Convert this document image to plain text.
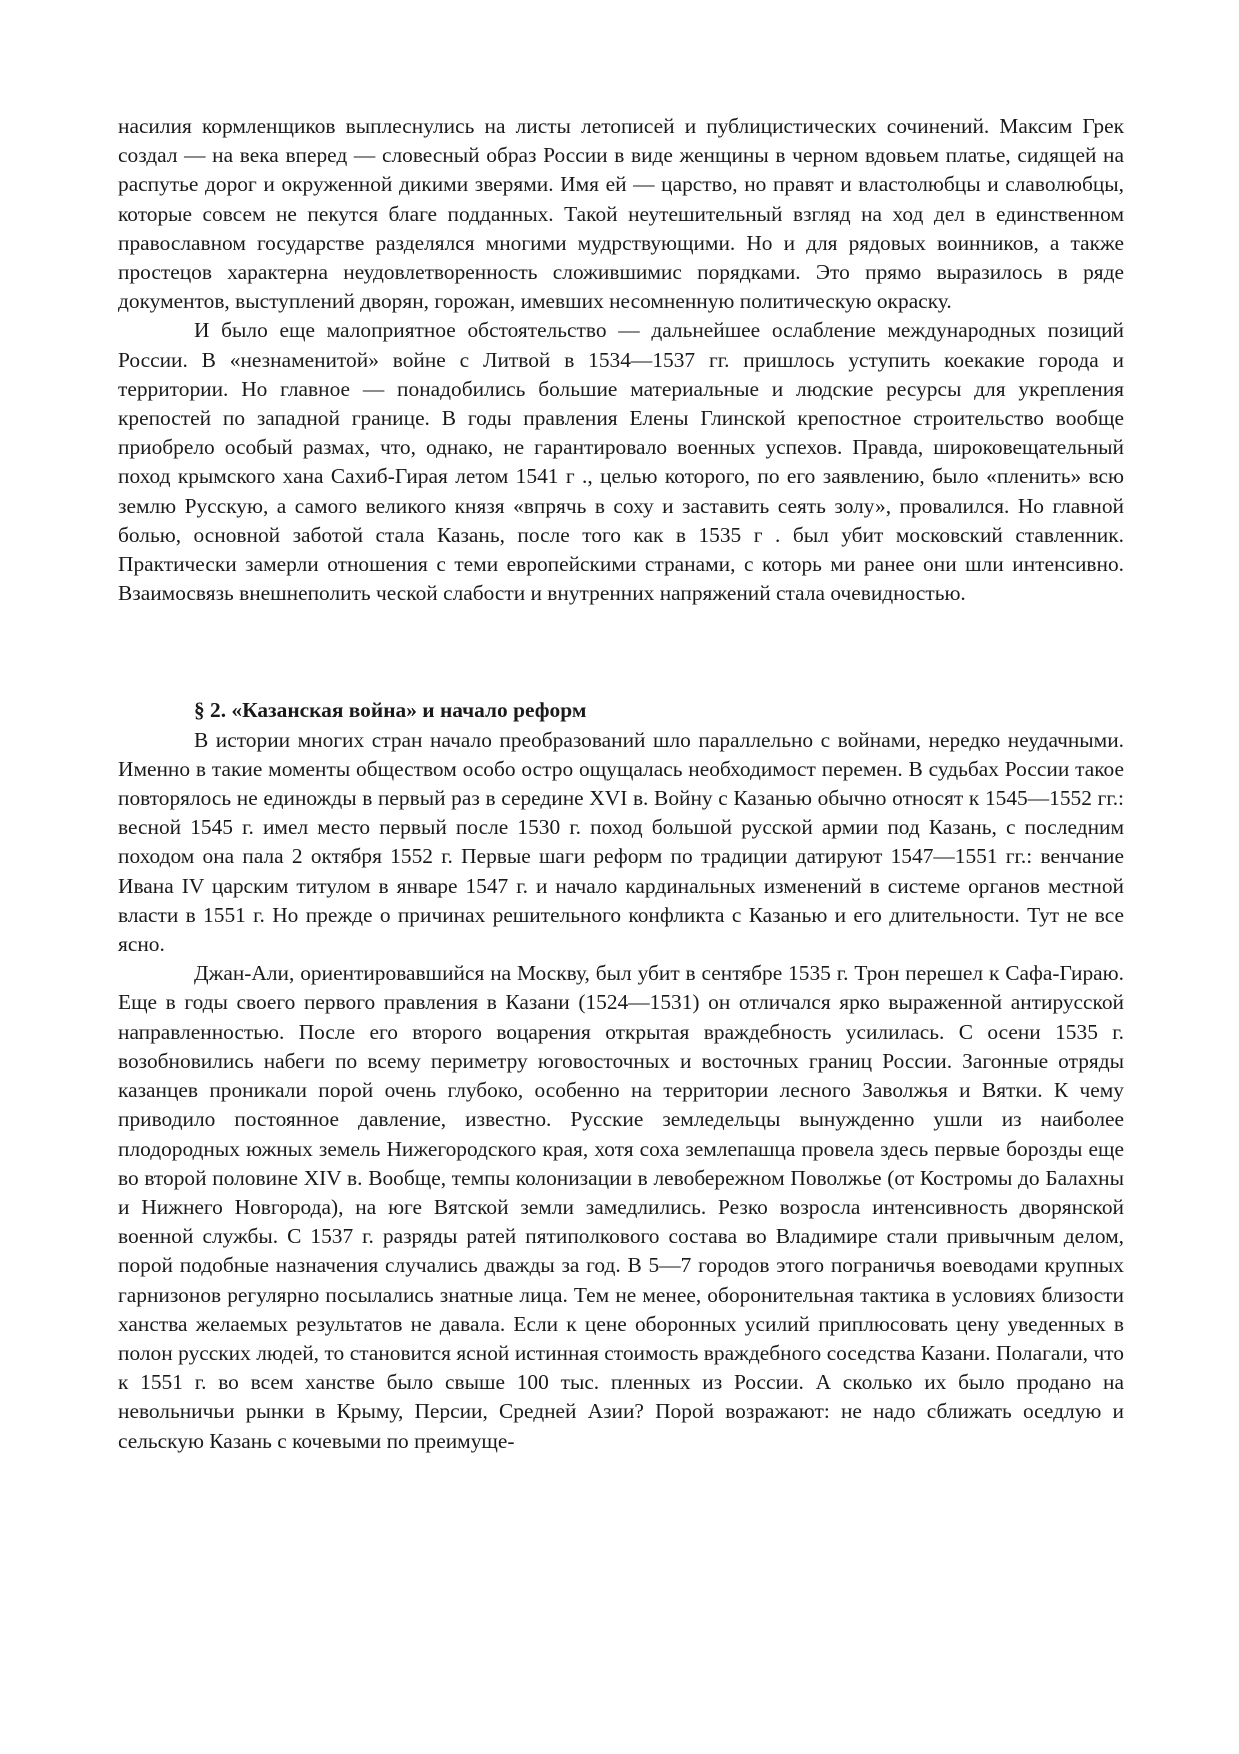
насилия кормленщиков выплеснулись на листы летописей и публицистических сочинений. Максим Грек создал — на века вперед — словесный образ России в виде женщины в черном вдовьем платье, сидящей на распутье дорог и окруженной дикими зверями. Имя ей — царство, но правят и властолюбцы и славолюбцы, которые совсем не пекутся благе подданных. Такой неутешительный взгляд на ход дел в единственном православном государстве разделялся многими мудрствующими. Но и для рядовых воинников, а также простецов характерна неудовлетворенность сложившимис порядками. Это прямо выразилось в ряде документов, выступлений дворян, горожан, имевших несомненную политическую окраску.

И было еще малоприятное обстоятельство — дальнейшее ослабление международных позиций России. В «незнаменитой» войне с Литвой в 1534—1537 гг. пришлось уступить коекакие города и территории. Но главное — понадобились большие материальные и людские ресурсы для укрепления крепостей по западной границе. В годы правления Елены Глинской крепостное строительство вообще приобрело особый размах, что, однако, не гарантировало военных успехов. Правда, широковещательный поход крымского хана Сахиб-Гирая летом 1541 г ., целью которого, по его заявлению, было «пленить» всю землю Русскую, а самого великого князя «впрячь в соху и заставить сеять золу», провалился. Но главной болью, основной заботой стала Казань, после того как в 1535 г . был убит московский ставленник. Практически замерли отношения с теми европейскими странами, с которь ми ранее они шли интенсивно. Взаимосвязь внешнеполить ческой слабости и внутренних напряжений стала очевидностью.

§ 2. «Казанская война» и начало реформ

В истории многих стран начало преобразований шло параллельно с войнами, нередко неудачными. Именно в такие моменты обществом особо остро ощущалась необходимост перемен. В судьбах России такое повторялось не единожды в первый раз в середине XVI в. Войну с Казанью обычно относят к 1545—1552 гг.: весной 1545 г. имел место первый после 1530 г. поход большой русской армии под Казань, с последним походом она пала 2 октября 1552 г. Первые шаги реформ по традиции датируют 1547—1551 гг.: венчание Ивана IV царским титулом в январе 1547 г. и начало кардинальных изменений в системе органов местной власти в 1551 г. Но прежде о причинах решительного конфликта с Казанью и его длительности. Тут не все ясно.

Джан-Али, ориентировавшийся на Москву, был убит в сентябре 1535 г. Трон перешел к Сафа-Гираю. Еще в годы своего первого правления в Казани (1524—1531) он отличался ярко выраженной антирусской направленностью. После его второго воцарения открытая враждебность усилилась. С осени 1535 г. возобновились набеги по всему периметру юговосточных и восточных границ России. Загонные отряды казанцев проникали порой очень глубоко, особенно на территории лесного Заволжья и Вятки. К чему приводило постоянное давление, известно. Русские земледельцы вынужденно ушли из наиболее плодородных южных земель Нижегородского края, хотя соха землепашца провела здесь первые борозды еще во второй половине XIV в. Вообще, темпы колонизации в левобережном Поволжье (от Костромы до Балахны и Нижнего Новгорода), на юге Вятской земли замедлились. Резко возросла интенсивность дворянской военной службы. С 1537 г. разряды ратей пятиполкового состава во Владимире стали привычным делом, порой подобные назначения случались дважды за год. В 5—7 городов этого пограничья воеводами крупных гарнизонов регулярно посылались знатные лица. Тем не менее, оборонительная тактика в условиях близости ханства желаемых результатов не давала. Если к цене оборонных усилий приплюсовать цену уведенных в полон русских людей, то становится ясной истинная стоимость враждебного соседства Казани. Полагали, что к 1551 г. во всем ханстве было свыше 100 тыс. пленных из России. А сколько их было продано на невольничьи рынки в Крыму, Персии, Средней Азии? Порой возражают: не надо сближать оседлую и сельскую Казань с кочевыми по преимуще-
